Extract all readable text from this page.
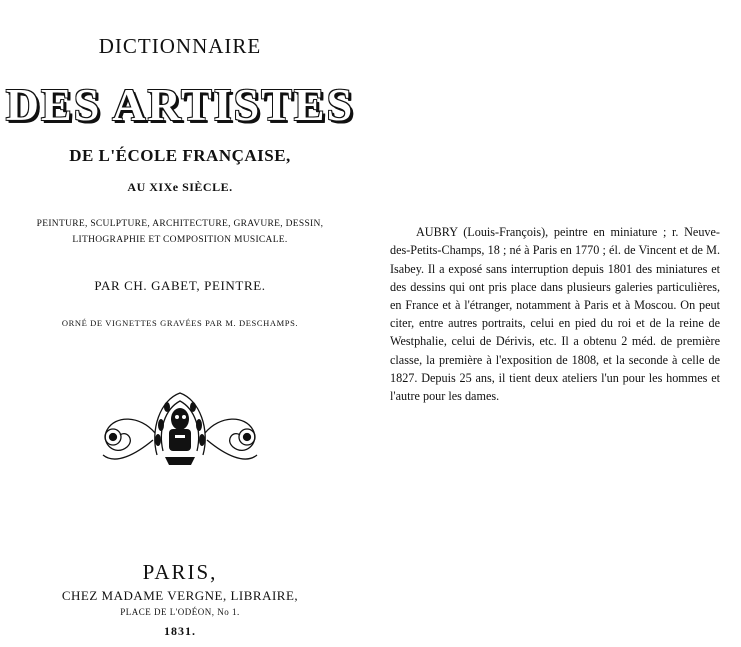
DICTIONNAIRE
DES ARTISTES
DE L'ÉCOLE FRANÇAISE,
AU XIXe SIÈCLE.
PEINTURE, SCULPTURE, ARCHITECTURE, GRAVURE, DESSIN,
LITHOGRAPHIE ET COMPOSITION MUSICALE.
PAR CH. GABET, PEINTRE.
ORNÉ DE VIGNETTES GRAVÉES PAR M. DESCHAMPS.
PARIS,
CHEZ MADAME VERGNE, LIBRAIRE,
PLACE DE L'ODÉON, No 1.
1831.

AUBRY (Louis-François), peintre en miniature ; r. Neuve-des-Petits-Champs, 18 ; né à Paris en 1770 ; él. de Vincent et de M. Isabey. Il a exposé sans interruption depuis 1801 des miniatures et des dessins qui ont pris place dans plusieurs galeries particulières, en France et à l'étranger, notamment à Paris et à Moscou. On peut citer, entre autres portraits, celui en pied du roi et de la reine de Westphalie, celui de Dérivis, etc. Il a obtenu 2 méd. de première classe, la première à l'exposition de 1808, et la seconde à celle de 1827. Depuis 25 ans, il tient deux ateliers l'un pour les hommes et l'autre pour les dames.
